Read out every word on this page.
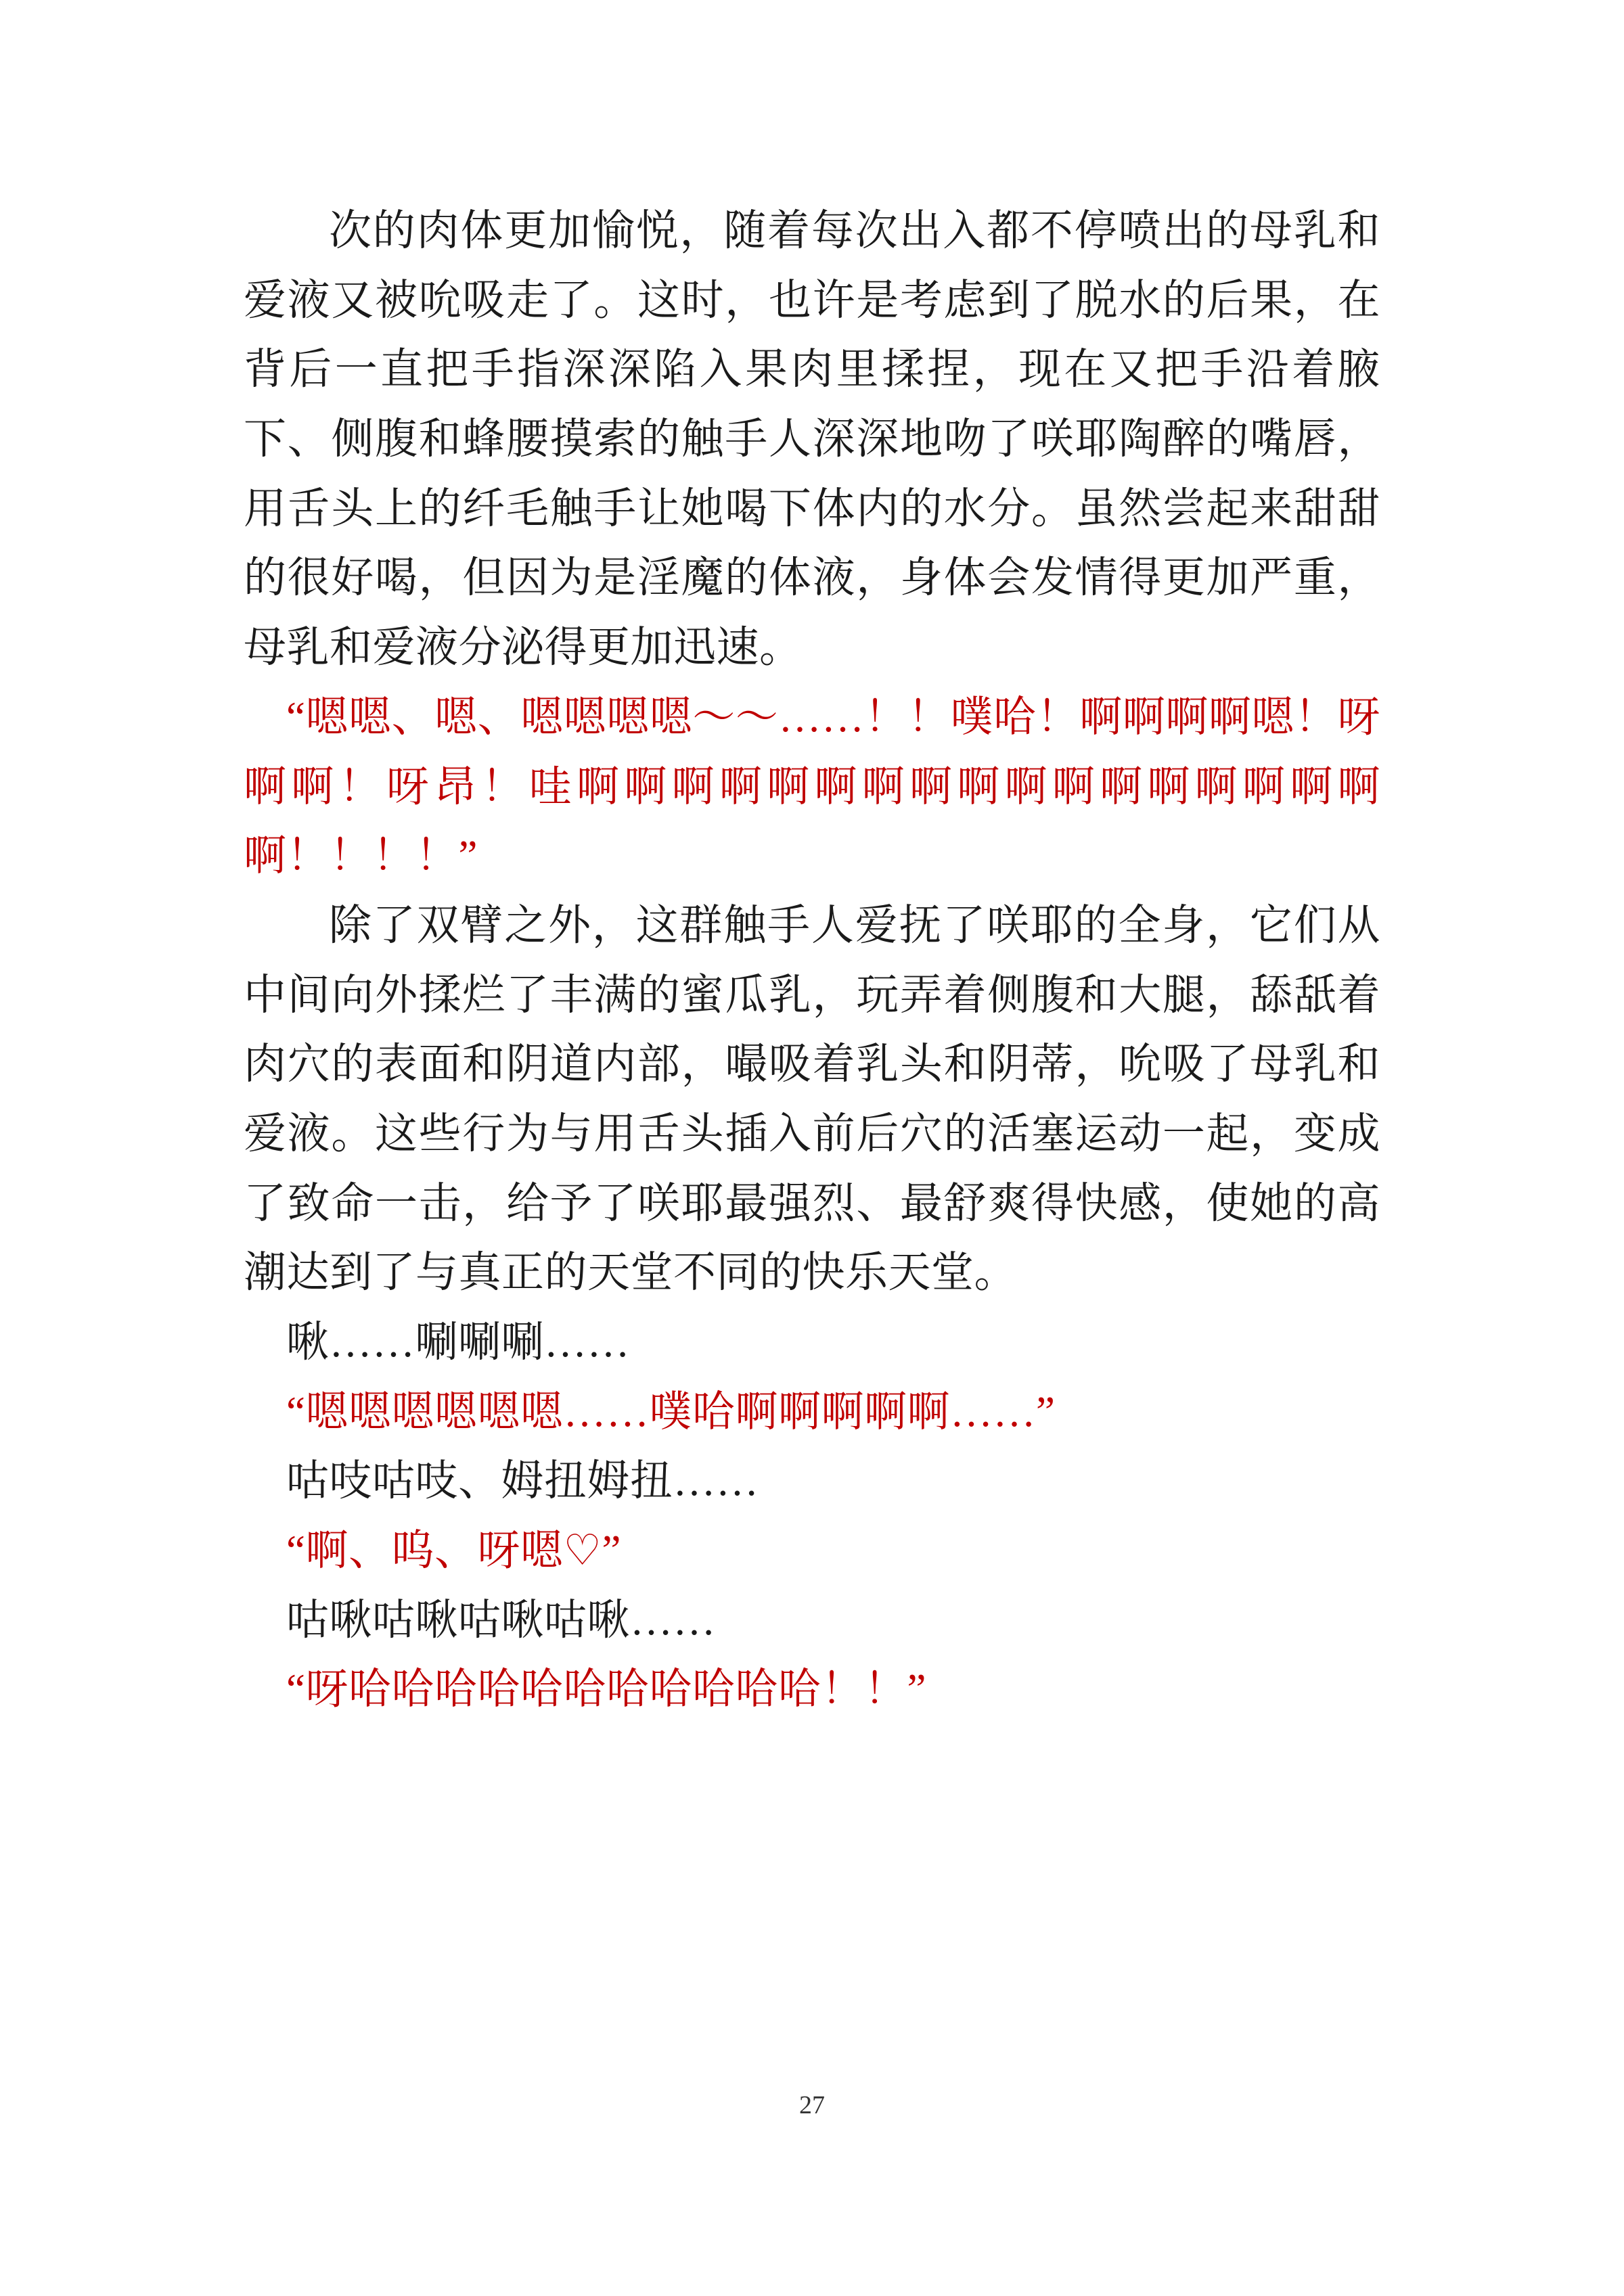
次的肉体更加愉悦，随着每次出入都不停喷出的母乳和爱液又被吮吸走了。这时，也许是考虑到了脱水的后果，在背后一直把手指深深陷入果肉里揉捏，现在又把手沿着腋下、侧腹和蜂腰摸索的触手人深深地吻了咲耶陶醉的嘴唇，用舌头上的纤毛触手让她喝下体内的水分。虽然尝起来甜甜的很好喝，但因为是淫魔的体液，身体会发情得更加严重，母乳和爱液分泌得更加迅速。

“嗯嗯、嗯、嗯嗯嗯嗯〜〜……！！噗哈！啊啊啊啊嗯！呀啊啊！呀昂！哇啊啊啊啊啊啊啊啊啊啊啊啊啊啊啊啊啊啊！！！！”

除了双臂之外，这群触手人爱抚了咲耶的全身，它们从中间向外揉烂了丰满的蜜瓜乳，玩弄着侧腹和大腿，舔舐着肉穴的表面和阴道内部，嘬吸着乳头和阴蒂，吮吸了母乳和爱液。这些行为与用舌头插入前后穴的活塞运动一起，变成了致命一击，给予了咲耶最强烈、最舒爽得快感，使她的高潮达到了与真正的天堂不同的快乐天堂。

啾……唰唰唰……

“嗯嗯嗯嗯嗯嗯……噗哈啊啊啊啊啊……”

咕吱咕吱、姆扭姆扭……

“啊、呜、呀嗯♡”

咕啾咕啾咕啾咕啾……

“呀哈哈哈哈哈哈哈哈哈哈哈！！”

27
